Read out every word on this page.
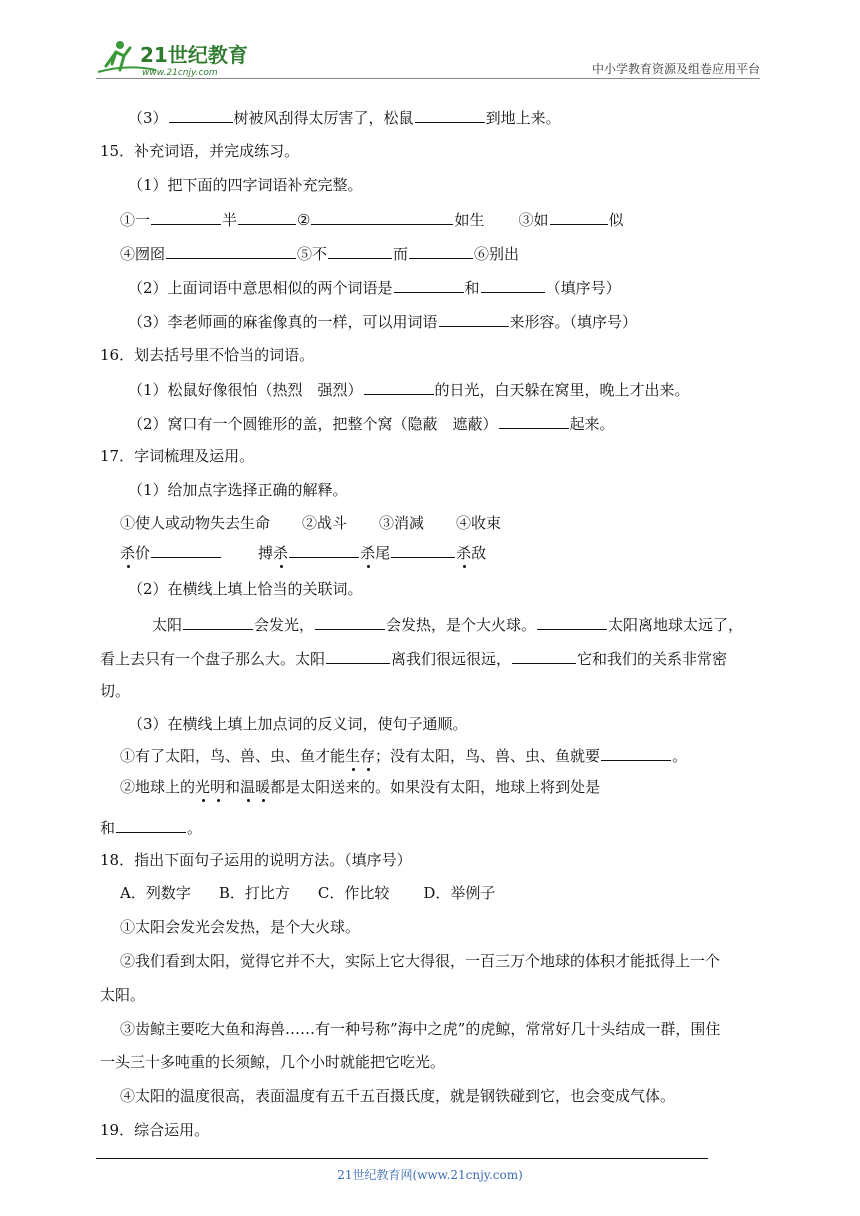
21世纪教育
www.21cnjy.com	中小学教育资源及组卷应用平台
（3）	树被风刮得太厉害了，松鼠	到地上来。
15．补充词语，并完成练习。
（1）把下面的四字词语补充完整。
①一	半	②	如生 ③如	似
④囫囵	⑤不	而	⑥别出
（2）上面词语中意思相似的两个词语是	和	（填序号）
（3）李老师画的麻雀像真的一样，可以用词语	来形容。（填序号）
16．划去括号里不恰当的词语。
（1）松鼠好像很怕（热烈　强烈）	的日光，白天躲在窝里，晚上才出来。
（2）窝口有一个圆锥形的盖，把整个窝（隐蔽　遮蔽）	起来。
17．字词梳理及运用。
（1）给加点字选择正确的解释。
①使人或动物失去生命 ②战斗 ③消减 ④收束
杀价	搏杀	杀尾	杀敌
（2）在横线上填上恰当的关联词。
太阳	会发光，	会发热，是个大火球。	太阳离地球太远了，
看上去只有一个盘子那么大。太阳	离我们很远很远，	它和我们的关系非常密
切。
（3）在横线上填上加点词的反义词，使句子通顺。
①有了太阳，鸟、兽、虫、鱼才能生存；没有太阳，鸟、兽、虫、鱼就要	。
②地球上的光明和温暖都是太阳送来的。如果没有太阳，地球上将到处是
和	。
18．指出下面句子运用的说明方法。（填序号）
A．列数字 B．打比方 C．作比较 D．举例子
①太阳会发光会发热，是个大火球。
②我们看到太阳，觉得它并不大，实际上它大得很，一百三万个地球的体积才能抵得上一个
太阳。
③齿鲸主要吃大鱼和海兽……有一种号称”海中之虎”的虎鲸，常常好几十头结成一群，围住
一头三十多吨重的长须鲸，几个小时就能把它吃光。
④太阳的温度很高，表面温度有五千五百摄氏度，就是钢铁碰到它，也会变成气体。
19．综合运用。
21世纪教育网(www.21cnjy.com)
